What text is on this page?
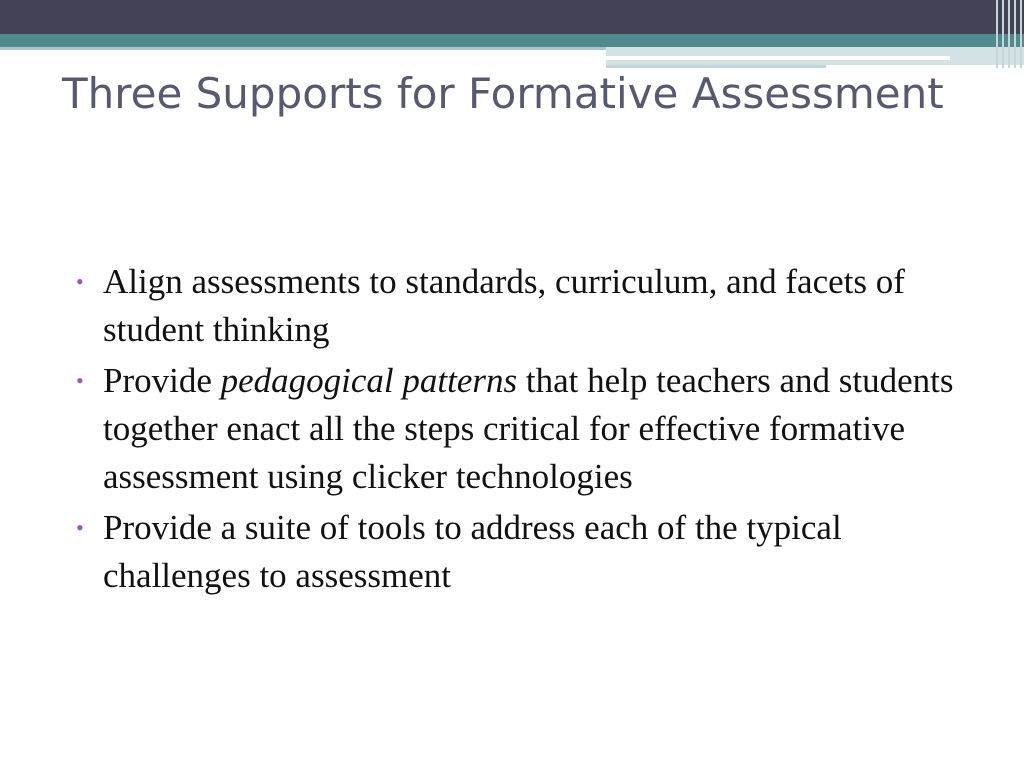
Three Supports for Formative Assessment
• Align assessments to standards, curriculum, and facets of student thinking
• Provide pedagogical patterns that help teachers and students together enact all the steps critical for effective formative assessment using clicker technologies
• Provide a suite of tools to address each of the typical challenges to assessment
